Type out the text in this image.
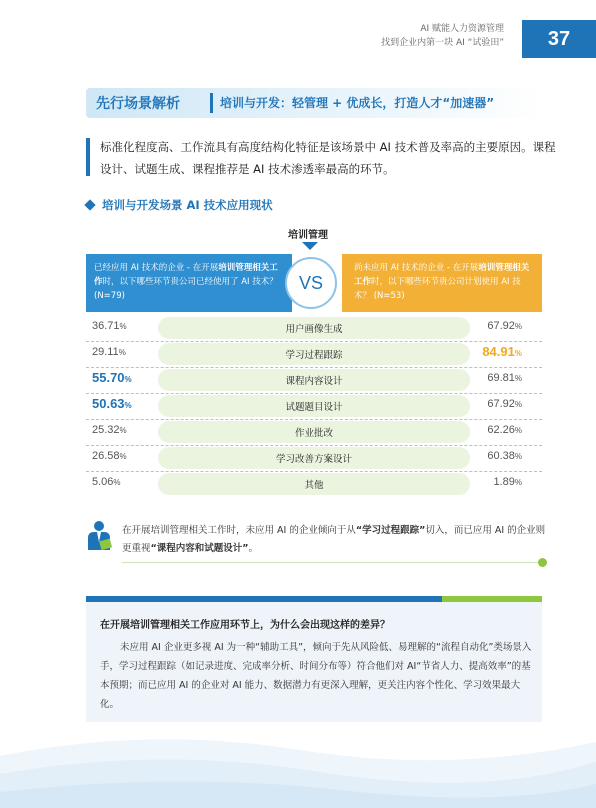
AI 赋能人力资源管理
找到企业内第一块 AI “试验田”	37
先行场景解析	培训与开发：轻管理 + 优成长，打造人才“加速器”
标准化程度高、工作流具有高度结构化特征是该场景中 AI 技术普及率高的主要原因。课程设计、试题生成、课程推荐是 AI 技术渗透率最高的环节。
培训与开发场景 AI 技术应用现状
培训管理
已经应用 AI 技术的企业 - 在开展培训管理相关工作时，以下哪些环节贵公司已经使用了 AI 技术？ (N=79)
尚未应用 AI 技术的企业 - 在开展培训管理相关工作时，以下哪些环节贵公司计划使用 AI 技术？ (N=53)
VS
用户画像生成
36.71%	67.92%
学习过程跟踪
29.11%	84.91%
课程内容设计
55.70%	69.81%
试题题目设计
50.63%	67.92%
作业批改
25.32%	62.26%
学习改善方案设计
26.58%	60.38%
其他
5.06%	1.89%
在开展培训管理相关工作时，未应用 AI 的企业倾向于从“学习过程跟踪”切入，而已应用 AI 的企业则更重视“课程内容和试题设计”。
在开展培训管理相关工作应用环节上，为什么会出现这样的差异？
未应用 AI 企业更多视 AI 为一种“辅助工具”，倾向于先从风险低、易理解的“流程自动化”类场景入手，学习过程跟踪（如记录进度、完成率分析、时间分布等）符合他们对 AI“节省人力、提高效率”的基本预期；而已应用 AI 的企业对 AI 能力、数据潜力有更深入理解，更关注内容个性化、学习效果最大化。
